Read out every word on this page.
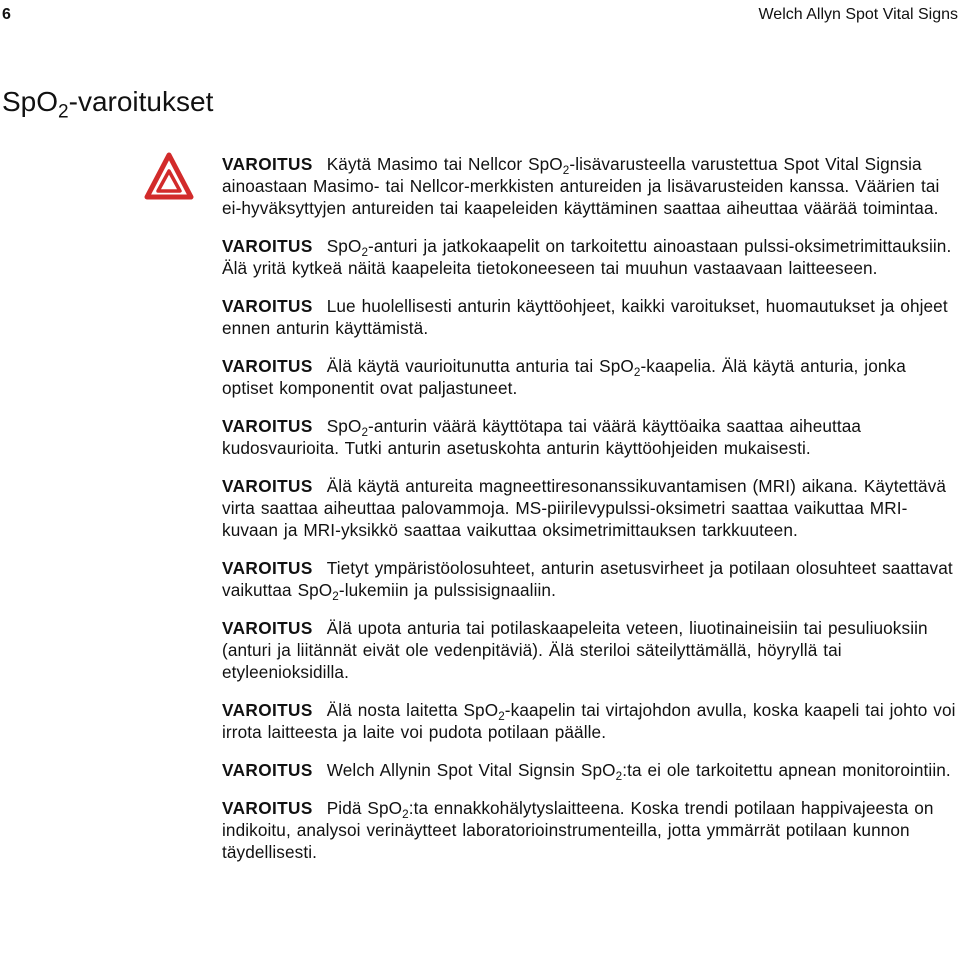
6	Welch Allyn Spot Vital Signs
SpO$_2$-varoitukset

VAROITUS Käytä Masimo tai Nellcor SpO$_2$-lisävarusteella varustettua Spot Vital Signsia ainoastaan Masimo- tai Nellcor-merkkisten antureiden ja lisävarusteiden kanssa. Väärien tai ei-hyväksyttyjen antureiden tai kaapeleiden käyttäminen saattaa aiheuttaa väärää toimintaa.

VAROITUS SpO$_2$-anturi ja jatkokaapelit on tarkoitettu ainoastaan pulssi-oksimetrimittauksiin. Älä yritä kytkeä näitä kaapeleita tietokoneeseen tai muuhun vastaavaan laitteeseen.

VAROITUS Lue huolellisesti anturin käyttöohjeet, kaikki varoitukset, huomautukset ja ohjeet ennen anturin käyttämistä.

VAROITUS Älä käytä vaurioitunutta anturia tai SpO$_2$-kaapelia. Älä käytä anturia, jonka optiset komponentit ovat paljastuneet.

VAROITUS SpO$_2$-anturin väärä käyttötapa tai väärä käyttöaika saattaa aiheuttaa kudosvaurioita. Tutki anturin asetuskohta anturin käyttöohjeiden mukaisesti.

VAROITUS Älä käytä antureita magneettiresonanssikuvantamisen (MRI) aikana. Käytettävä virta saattaa aiheuttaa palovammoja. MS-piirilevypulssi-oksimetri saattaa vaikuttaa MRI-kuvaan ja MRI-yksikkö saattaa vaikuttaa oksimetrimittauksen tarkkuuteen.

VAROITUS Tietyt ympäristöolosuhteet, anturin asetusvirheet ja potilaan olosuhteet saattavat vaikuttaa SpO$_2$-lukemiin ja pulssisignaaliin.

VAROITUS Älä upota anturia tai potilaskaapeleita veteen, liuotinaineisiin tai pesuliuoksiin (anturi ja liitännät eivät ole vedenpitäviä). Älä steriloi säteilyttämällä, höyryllä tai etyleenioksidilla.

VAROITUS Älä nosta laitetta SpO$_2$-kaapelin tai virtajohdon avulla, koska kaapeli tai johto voi irrota laitteesta ja laite voi pudota potilaan päälle.

VAROITUS Welch Allynin Spot Vital Signsin SpO$_2$:ta ei ole tarkoitettu apnean monitorointiin.

VAROITUS Pidä SpO$_2$:ta ennakkohälytyslaitteena. Koska trendi potilaan happivajeesta on indikoitu, analysoi verinäytteet laboratorioinstrumenteilla, jotta ymmärrät potilaan kunnon täydellisesti.
